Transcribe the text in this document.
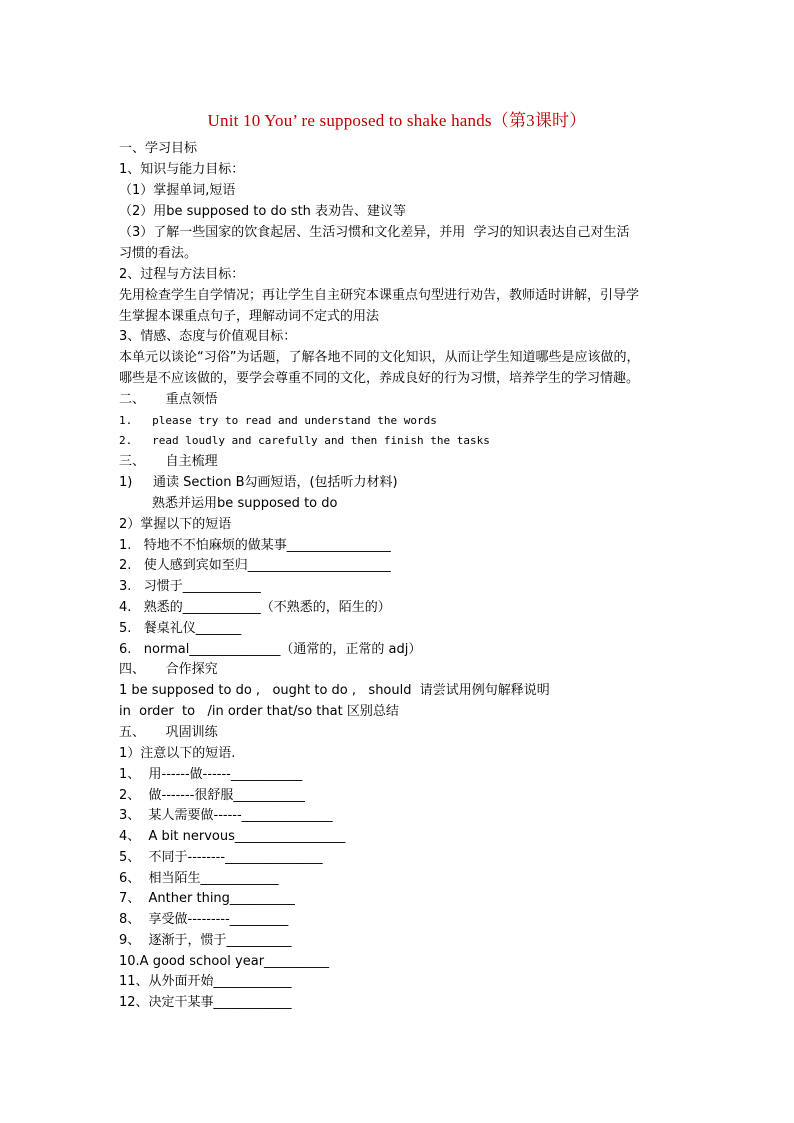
Unit 10 You’ re supposed to shake hands（第3课时）
一、学习目标
1、知识与能力目标：
（1）掌握单词,短语
（2）用be supposed to do sth 表劝告、建议等
（3）了解一些国家的饮食起居、生活习惯和文化差异，并用  学习的知识表达自己对生活
习惯的看法。
2、过程与方法目标：
先用检查学生自学情况；再让学生自主研究本课重点句型进行劝告，教师适时讲解，引导学
生掌握本课重点句子，理解动词不定式的用法
3、情感、态度与价值观目标：
本单元以谈论“习俗”为话题，了解各地不同的文化知识，从而让学生知道哪些是应该做的，
哪些是不应该做的，要学会尊重不同的文化，养成良好的行为习惯，培养学生的学习情趣。
二、     重点领悟
1.   please try to read and understand the words
2.   read loudly and carefully and then finish the tasks
三、     自主梳理
1)     通读 Section B勾画短语，(包括听力材料)
熟悉并运用be supposed to do
2）掌握以下的短语
1.   特地不不怕麻烦的做某事________________
2.   使人感到宾如至归______________________
3.   习惯于____________
4.   熟悉的____________（不熟悉的，陌生的）
5.   餐桌礼仪_______
6.   normal______________（通常的，正常的 adj）
四、     合作探究
1 be supposed to do ,   ought to do ,   should  请尝试用例句解释说明
in  order  to   /in order that/so that 区别总结
五、     巩固训练
1）注意以下的短语.
1、  用------做------___________
2、  做-------很舒服___________
3、  某人需要做------______________
4、  A bit nervous_________________
5、  不同于--------_______________
6、  相当陌生____________
7、  Anther thing__________
8、  享受做---------_________
9、  逐渐于，惯于__________
10.A good school year__________
11、从外面开始____________
12、决定干某事____________
